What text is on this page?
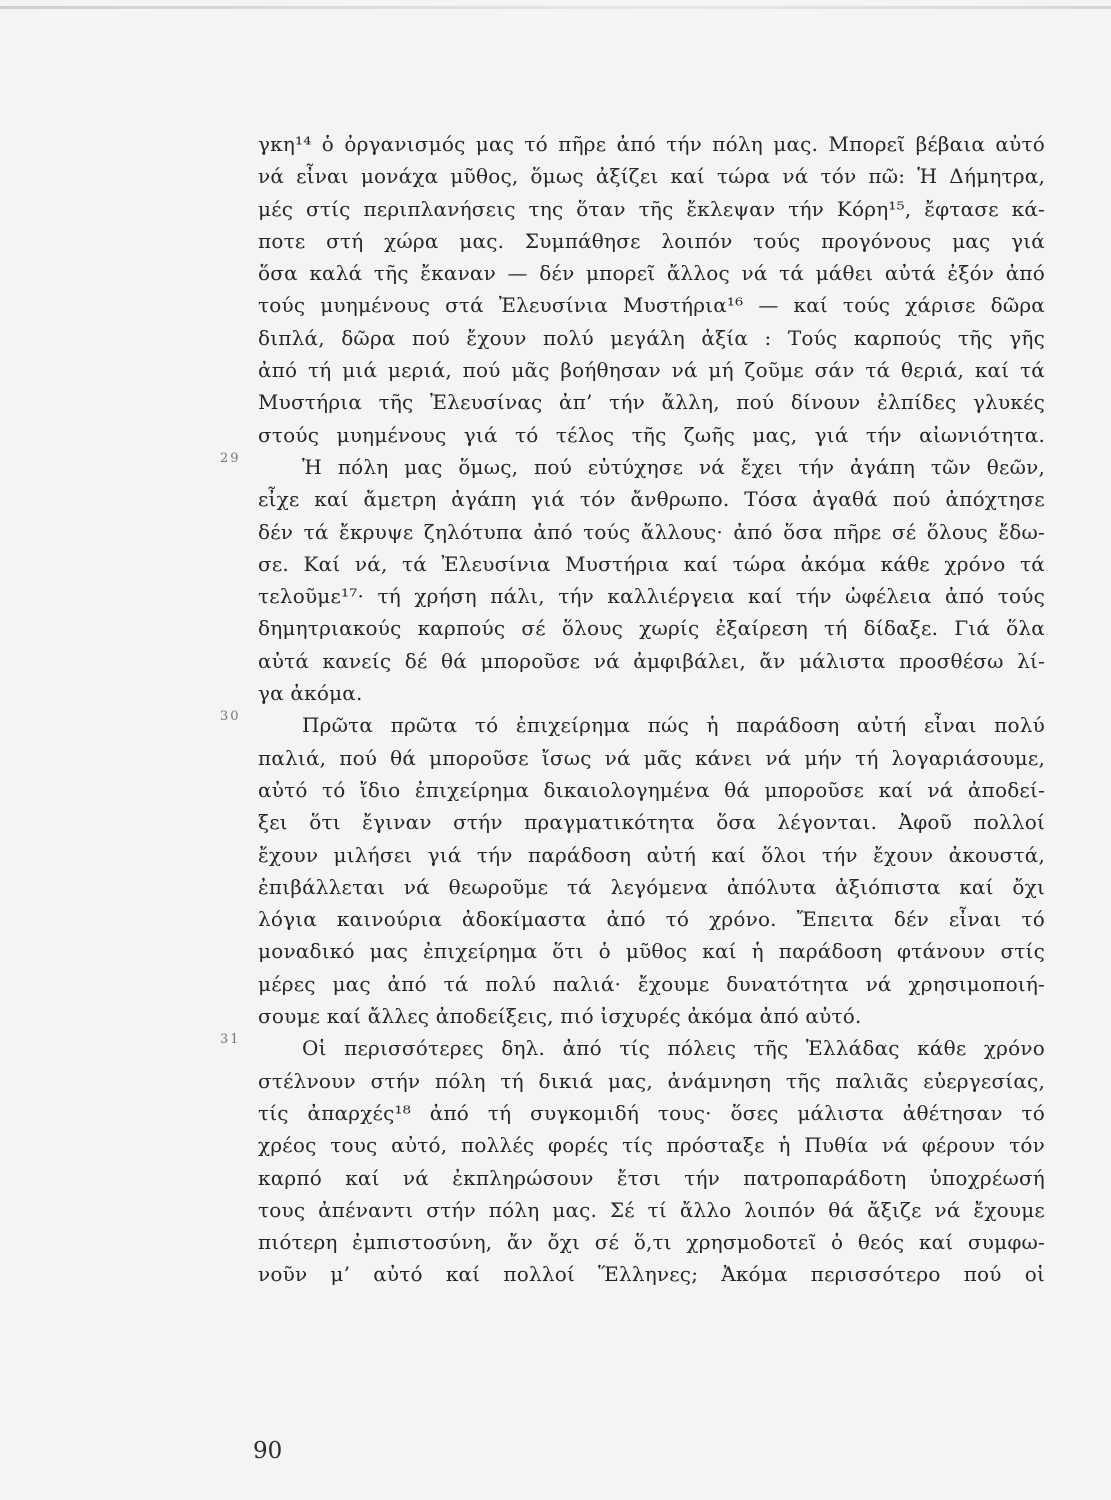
γκη¹⁴ ὁ ὀργανισμός μας τό πῆρε ἀπό τήν πόλη μας. Μπορεῖ βέβαια αὐτό
νά εἶναι μονάχα μῦθος, ὅμως ἀξίζει καί τώρα νά τόν πῶ: Ἡ Δήμητρα,
μές στίς περιπλανήσεις της ὅταν τῆς ἔκλεψαν τήν Κόρη¹⁵, ἔφτασε κά-
ποτε στή χώρα μας. Συμπάθησε λοιπόν τούς προγόνους μας γιά
ὅσα καλά τῆς ἔκαναν — δέν μπορεῖ ἄλλος νά τά μάθει αὐτά ἐξόν ἀπό
τούς μυημένους στά Ἐλευσίνια Μυστήρια¹⁶ — καί τούς χάρισε δῶρα
διπλά, δῶρα πού ἔχουν πολύ μεγάλη ἀξία : Τούς καρπούς τῆς γῆς
ἀπό τή μιά μεριά, πού μᾶς βοήθησαν νά μή ζοῦμε σάν τά θεριά, καί τά
Μυστήρια τῆς Ἐλευσίνας ἀπ’ τήν ἄλλη, πού δίνουν ἐλπίδες γλυκές
στούς μυημένους γιά τό τέλος τῆς ζωῆς μας, γιά τήν αἰωνιότητα.
29	Ἡ πόλη μας ὅμως, πού εὐτύχησε νά ἔχει τήν ἀγάπη τῶν θεῶν,
εἶχε καί ἄμετρη ἀγάπη γιά τόν ἄνθρωπο. Τόσα ἀγαθά πού ἀπόχτησε
δέν τά ἔκρυψε ζηλότυπα ἀπό τούς ἄλλους· ἀπό ὅσα πῆρε σέ ὅλους ἔδω-
σε. Καί νά, τά Ἐλευσίνια Μυστήρια καί τώρα ἀκόμα κάθε χρόνο τά
τελοῦμε¹⁷· τή χρήση πάλι, τήν καλλιέργεια καί τήν ὠφέλεια ἀπό τούς
δημητριακούς καρπούς σέ ὅλους χωρίς ἐξαίρεση τή δίδαξε. Γιά ὅλα
αὐτά κανείς δέ θά μποροῦσε νά ἀμφιβάλει, ἄν μάλιστα προσθέσω λί-
γα ἀκόμα.
30	Πρῶτα πρῶτα τό ἐπιχείρημα πώς ἡ παράδοση αὐτή εἶναι πολύ
παλιά, πού θά μποροῦσε ἴσως νά μᾶς κάνει νά μήν τή λογαριάσουμε,
αὐτό τό ἴδιο ἐπιχείρημα δικαιολογημένα θά μποροῦσε καί νά ἀποδεί-
ξει ὅτι ἔγιναν στήν πραγματικότητα ὅσα λέγονται. Ἀφοῦ πολλοί
ἔχουν μιλήσει γιά τήν παράδοση αὐτή καί ὅλοι τήν ἔχουν ἀκουστά,
ἐπιβάλλεται νά θεωροῦμε τά λεγόμενα ἀπόλυτα ἀξιόπιστα καί ὄχι
λόγια καινούρια ἀδοκίμαστα ἀπό τό χρόνο. Ἔπειτα δέν εἶναι τό
μοναδικό μας ἐπιχείρημα ὅτι ὁ μῦθος καί ἡ παράδοση φτάνουν στίς
μέρες μας ἀπό τά πολύ παλιά· ἔχουμε δυνατότητα νά χρησιμοποιή-
σουμε καί ἄλλες ἀποδείξεις, πιό ἰσχυρές ἀκόμα ἀπό αὐτό.
31	Οἱ περισσότερες δηλ. ἀπό τίς πόλεις τῆς Ἑλλάδας κάθε χρόνο
στέλνουν στήν πόλη τή δικιά μας, ἀνάμνηση τῆς παλιᾶς εὐεργεσίας,
τίς ἀπαρχές¹⁸ ἀπό τή συγκομιδή τους· ὅσες μάλιστα ἀθέτησαν τό
χρέος τους αὐτό, πολλές φορές τίς πρόσταξε ἡ Πυθία νά φέρουν τόν
καρπό καί νά ἐκπληρώσουν ἔτσι τήν πατροπαράδοτη ὑποχρέωσή
τους ἀπέναντι στήν πόλη μας. Σέ τί ἄλλο λοιπόν θά ἄξιζε νά ἔχουμε
πιότερη ἐμπιστοσύνη, ἄν ὄχι σέ ὅ,τι χρησμοδοτεῖ ὁ θεός καί συμφω-
νοῦν μ’ αὐτό καί πολλοί Ἕλληνες; Ἀκόμα περισσότερο πού οἱ
90
